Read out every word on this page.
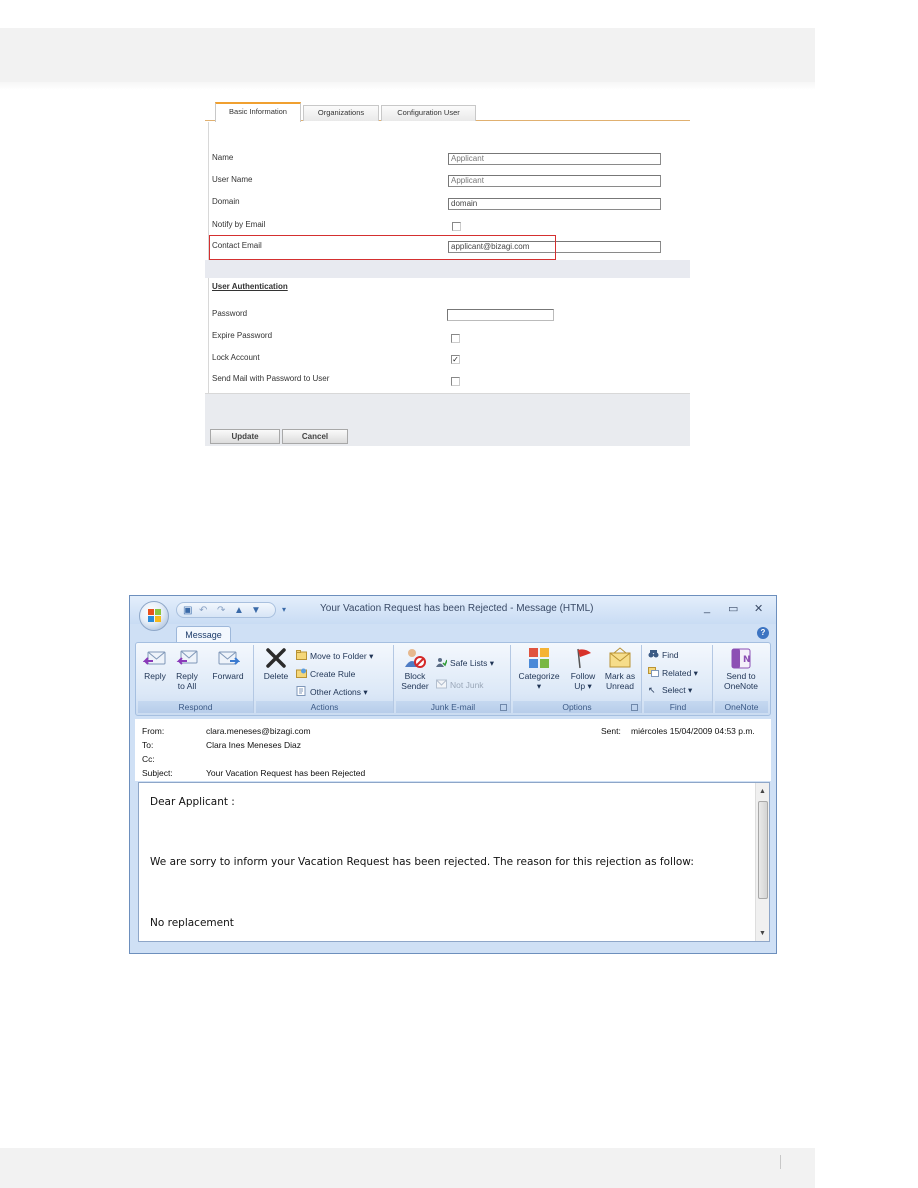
Basic Information	Organizations	Configuration User
Name	Applicant
User Name	Applicant
Domain	domain
Notify by Email
Contact Email	applicant@bizagi.com
User Authentication
Password
Expire Password
Lock Account	✓
Send Mail with Password to User
Update	Cancel
▣ ↶ ↷ ▲ ▼	▾	Your Vacation Request has been Rejected - Message (HTML)	_ ▭ ✕
Message	?
Reply	Reply
to All
Forward
Respond
Delete
Move to Folder ▾
Create Rule
Other Actions ▾
Actions
Block
Sender
Safe Lists ▾
Not Junk
Junk E-mail
Categorize
▾
Follow
Up ▾
Mark as
Unread
Options
Find
Related ▾
↖ Select ▾
Find
N
Send to
OneNote
OneNote
From:	clara.meneses@bizagi.com	Sent: miércoles 15/04/2009 04:53 p.m.
To:	Clara Ines Meneses Diaz
Cc:
Subject:	Your Vacation Request has been Rejected
Dear Applicant :
We are sorry to inform your Vacation Request has been rejected. The reason for this rejection as follow:
No replacement
▲
▼
